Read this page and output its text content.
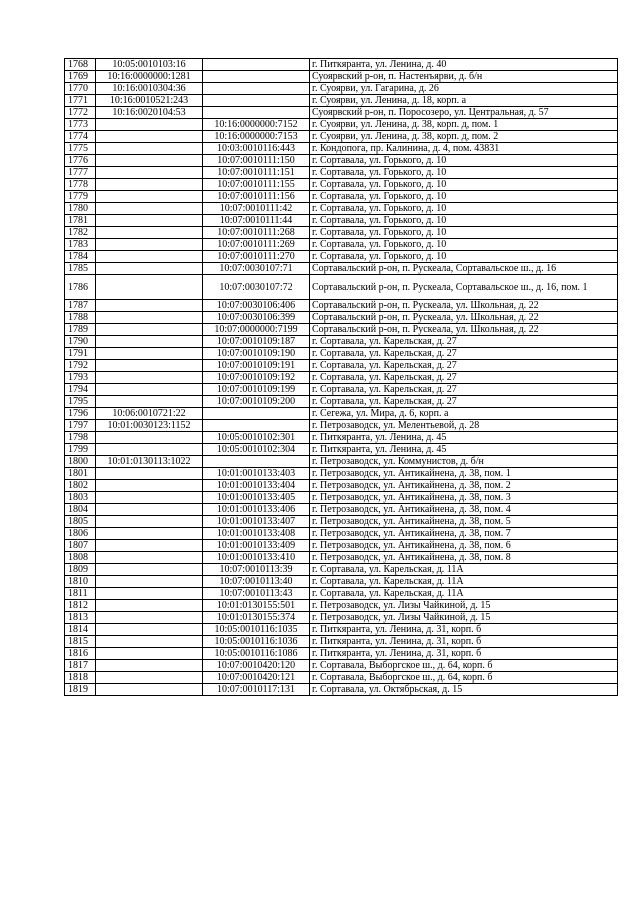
1768	10:05:0010103:16		г. Питкяранта, ул. Ленина, д. 40
1769	10:16:0000000:1281		Суоярвский р-он, п. Настенъярви, д. б/н
1770	10:16:0010304:36		г. Суоярви, ул. Гагарина, д. 26
1771	10:16:0010521:243		г. Суоярви, ул. Ленина, д. 18, корп. а
1772	10:16:0020104:53		Суоярвский р-он, п. Поросозеро, ул. Центральная, д. 57
1773		10:16:0000000:7152	г. Суоярви, ул. Ленина, д. 38, корп. д, пом. 1
1774		10:16:0000000:7153	г. Суоярви, ул. Ленина, д. 38, корп. д, пом. 2
1775		10:03:0010116:443	г. Кондопога, пр. Калинина, д. 4, пом. 43831
1776		10:07:0010111:150	г. Сортавала, ул. Горького, д. 10
1777		10:07:0010111:151	г. Сортавала, ул. Горького, д. 10
1778		10:07:0010111:155	г. Сортавала, ул. Горького, д. 10
1779		10:07:0010111:156	г. Сортавала, ул. Горького, д. 10
1780		10:07:0010111:42	г. Сортавала, ул. Горького, д. 10
1781		10:07:0010111:44	г. Сортавала, ул. Горького, д. 10
1782		10:07:0010111:268	г. Сортавала, ул. Горького, д. 10
1783		10:07:0010111:269	г. Сортавала, ул. Горького, д. 10
1784		10:07:0010111:270	г. Сортавала, ул. Горького, д. 10
1785		10:07:0030107:71	Сортавальский р-он, п. Рускеала, Сортавальское ш., д. 16
1786		10:07:0030107:72	Сортавальский р-он, п. Рускеала, Сортавальское ш., д. 16, пом. 1
1787		10:07:0030106:406	Сортавальский р-он, п. Рускеала, ул. Школьная, д. 22
1788		10:07:0030106:399	Сортавальский р-он, п. Рускеала, ул. Школьная, д. 22
1789		10:07:0000000:7199	Сортавальский р-он, п. Рускеала, ул. Школьная, д. 22
1790		10:07:0010109:187	г. Сортавала, ул. Карельская, д. 27
1791		10:07:0010109:190	г. Сортавала, ул. Карельская, д. 27
1792		10:07:0010109:191	г. Сортавала, ул. Карельская, д. 27
1793		10:07:0010109:192	г. Сортавала, ул. Карельская, д. 27
1794		10:07:0010109:199	г. Сортавала, ул. Карельская, д. 27
1795		10:07:0010109:200	г. Сортавала, ул. Карельская, д. 27
1796	10:06:0010721:22		г. Сегежа, ул. Мира, д. 6, корп. а
1797	10:01:0030123:1152		г. Петрозаводск, ул. Мелентьевой, д. 28
1798		10:05:0010102:301	г. Питкяранта, ул. Ленина, д. 45
1799		10:05:0010102:304	г. Питкяранта, ул. Ленина, д. 45
1800	10:01:0130113:1022		г. Петрозаводск, ул. Коммунистов, д. б/н
1801		10:01:0010133:403	г. Петрозаводск, ул. Антикайнена, д. 38, пом. 1
1802		10:01:0010133:404	г. Петрозаводск, ул. Антикайнена, д. 38, пом. 2
1803		10:01:0010133:405	г. Петрозаводск, ул. Антикайнена, д. 38, пом. 3
1804		10:01:0010133:406	г. Петрозаводск, ул. Антикайнена, д. 38, пом. 4
1805		10:01:0010133:407	г. Петрозаводск, ул. Антикайнена, д. 38, пом. 5
1806		10:01:0010133:408	г. Петрозаводск, ул. Антикайнена, д. 38, пом. 7
1807		10:01:0010133:409	г. Петрозаводск, ул. Антикайнена, д. 38, пом. 6
1808		10:01:0010133:410	г. Петрозаводск, ул. Антикайнена, д. 38, пом. 8
1809		10:07:0010113:39	г. Сортавала, ул. Карельская, д. 11А
1810		10:07:0010113:40	г. Сортавала, ул. Карельская, д. 11А
1811		10:07:0010113:43	г. Сортавала, ул. Карельская, д. 11А
1812		10:01:0130155:501	г. Петрозаводск, ул. Лизы Чайкиной, д. 15
1813		10:01:0130155:374	г. Петрозаводск, ул. Лизы Чайкиной, д. 15
1814		10:05:0010116:1035	г. Питкяранта, ул. Ленина, д. 31, корп. б
1815		10:05:0010116:1036	г. Питкяранта, ул. Ленина, д. 31, корп. б
1816		10:05:0010116:1086	г. Питкяранта, ул. Ленина, д. 31, корп. б
1817		10:07:0010420:120	г. Сортавала, Выборгское ш., д. 64, корп. б
1818		10:07:0010420:121	г. Сортавала, Выборгское ш., д. 64, корп. б
1819		10:07:0010117:131	г. Сортавала, ул. Октябрьская, д. 15
